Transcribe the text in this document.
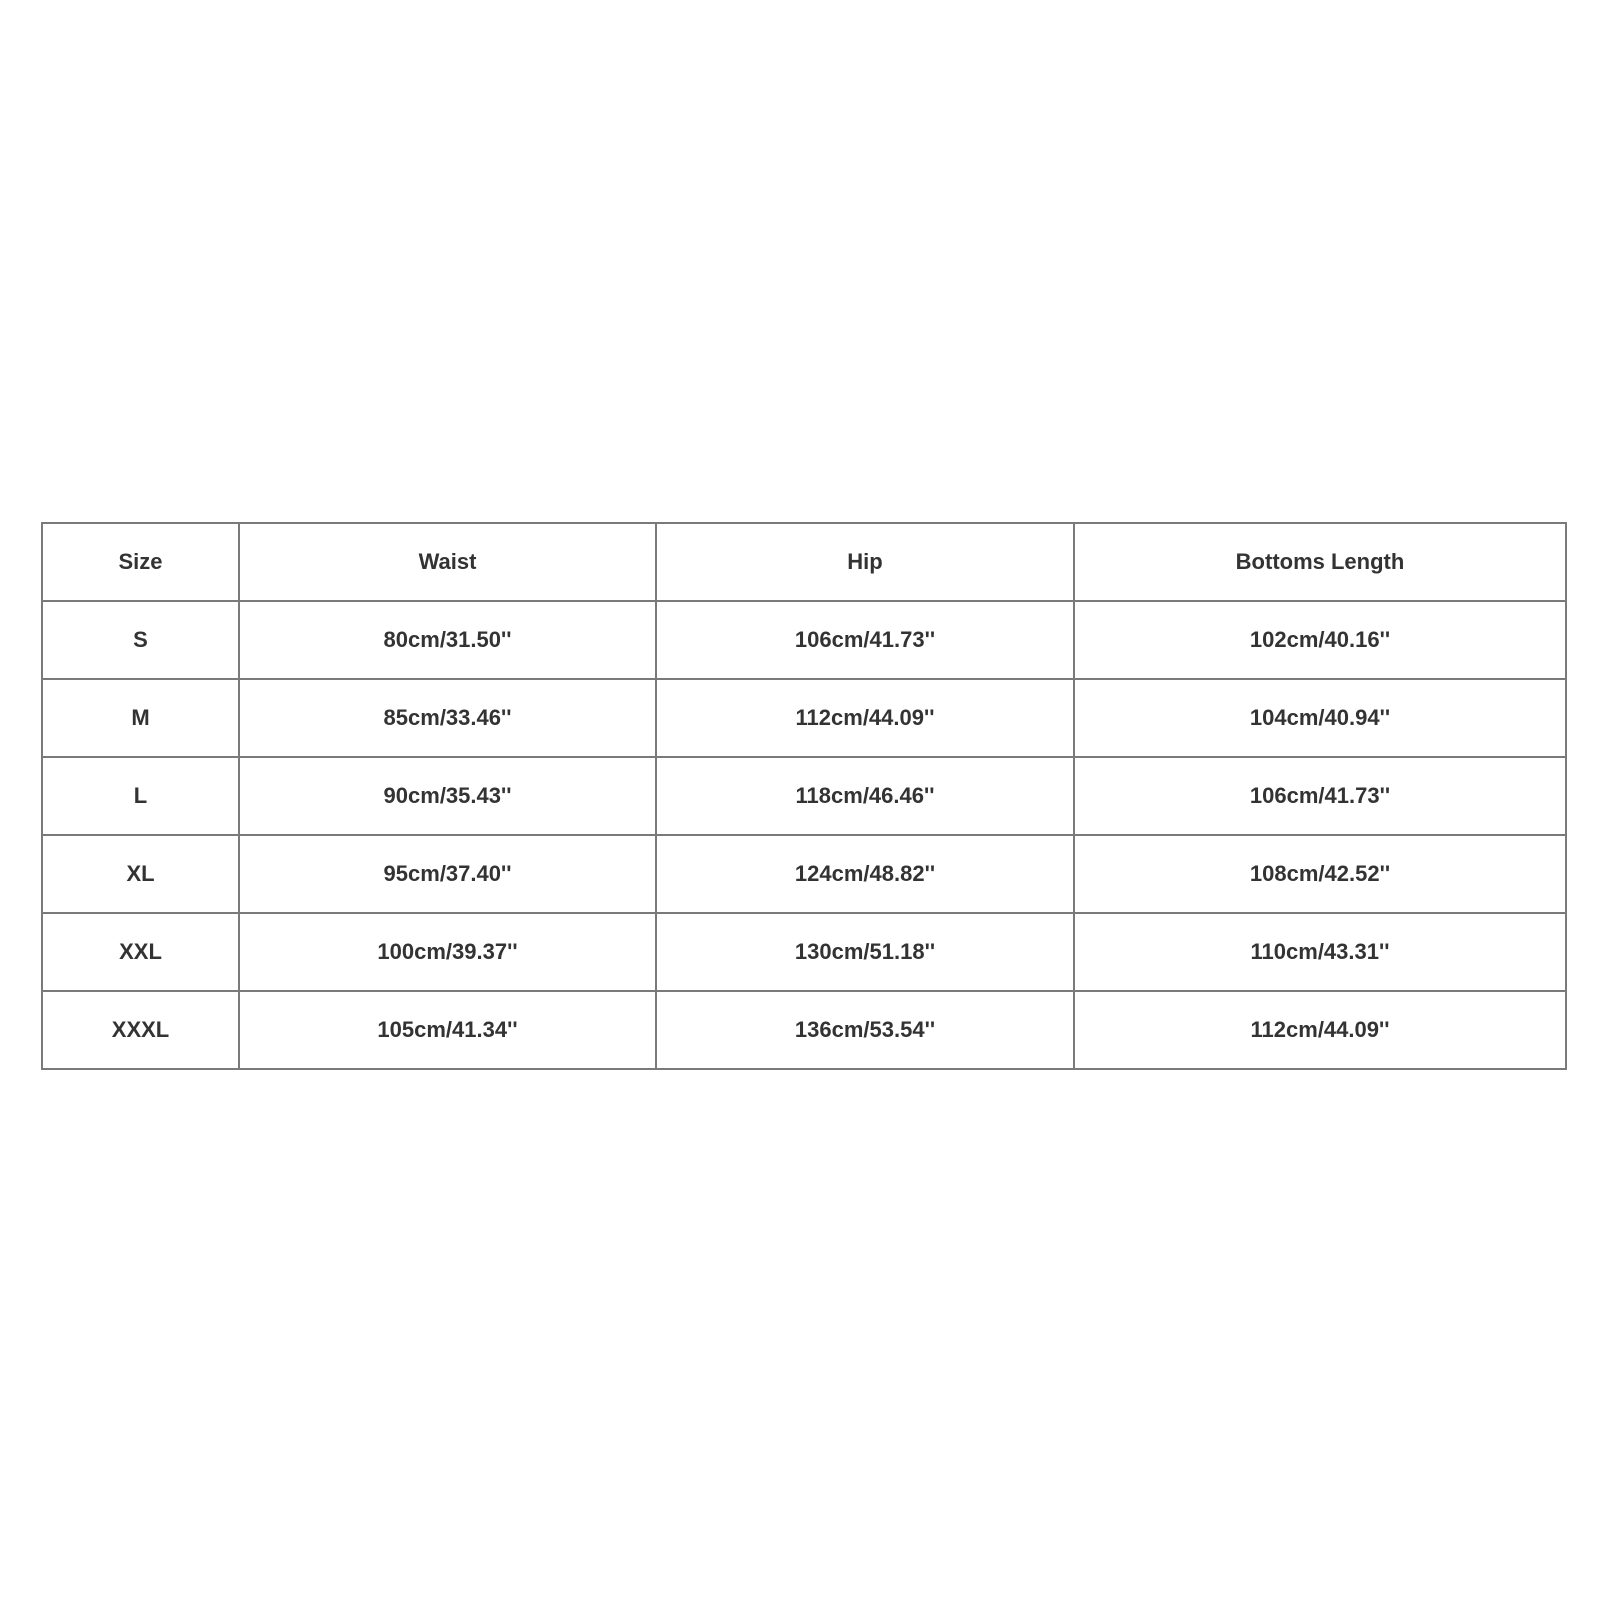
Size	Waist	Hip	Bottoms Length
S	80cm/31.50''	106cm/41.73''	102cm/40.16''
M	85cm/33.46''	112cm/44.09''	104cm/40.94''
L	90cm/35.43''	118cm/46.46''	106cm/41.73''
XL	95cm/37.40''	124cm/48.82''	108cm/42.52''
XXL	100cm/39.37''	130cm/51.18''	110cm/43.31''
XXXL	105cm/41.34''	136cm/53.54''	112cm/44.09''
